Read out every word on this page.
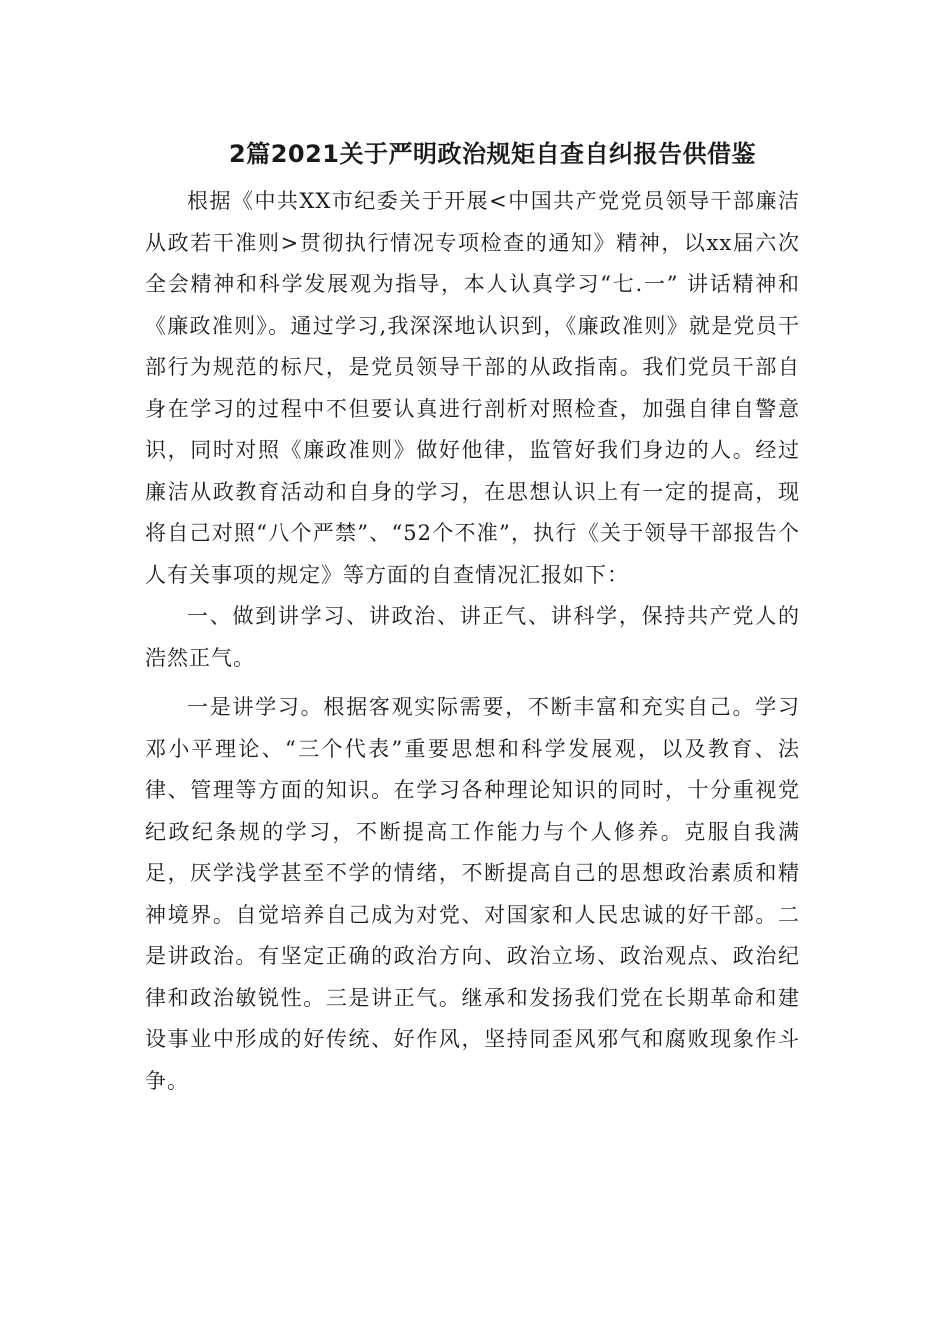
2篇2021关于严明政治规矩自查自纠报告供借鉴

根据《中共XX市纪委关于开展<中国共产党党员领导干部廉洁从政若干准则>贯彻执行情况专项检查的通知》精神，以xx届六次全会精神和科学发展观为指导，本人认真学习“七.一” 讲话精神和《廉政准则》。通过学习,我深深地认识到，《廉政准则》就是党员干部行为规范的标尺，是党员领导干部的从政指南。我们党员干部自身在学习的过程中不但要认真进行剖析对照检查，加强自律自警意识，同时对照《廉政准则》做好他律，监管好我们身边的人。经过廉洁从政教育活动和自身的学习，在思想认识上有一定的提高，现将自己对照“八个严禁”、“52个不准”，执行《关于领导干部报告个人有关事项的规定》等方面的自查情况汇报如下：

一、做到讲学习、讲政治、讲正气、讲科学，保持共产党人的浩然正气。

一是讲学习。根据客观实际需要，不断丰富和充实自己。学习邓小平理论、“三个代表”重要思想和科学发展观，以及教育、法律、管理等方面的知识。在学习各种理论知识的同时，十分重视党纪政纪条规的学习，不断提高工作能力与个人修养。克服自我满足，厌学浅学甚至不学的情绪，不断提高自己的思想政治素质和精神境界。自觉培养自己成为对党、对国家和人民忠诚的好干部。二是讲政治。有坚定正确的政治方向、政治立场、政治观点、政治纪律和政治敏锐性。三是讲正气。继承和发扬我们党在长期革命和建设事业中形成的好传统、好作风，坚持同歪风邪气和腐败现象作斗争。
